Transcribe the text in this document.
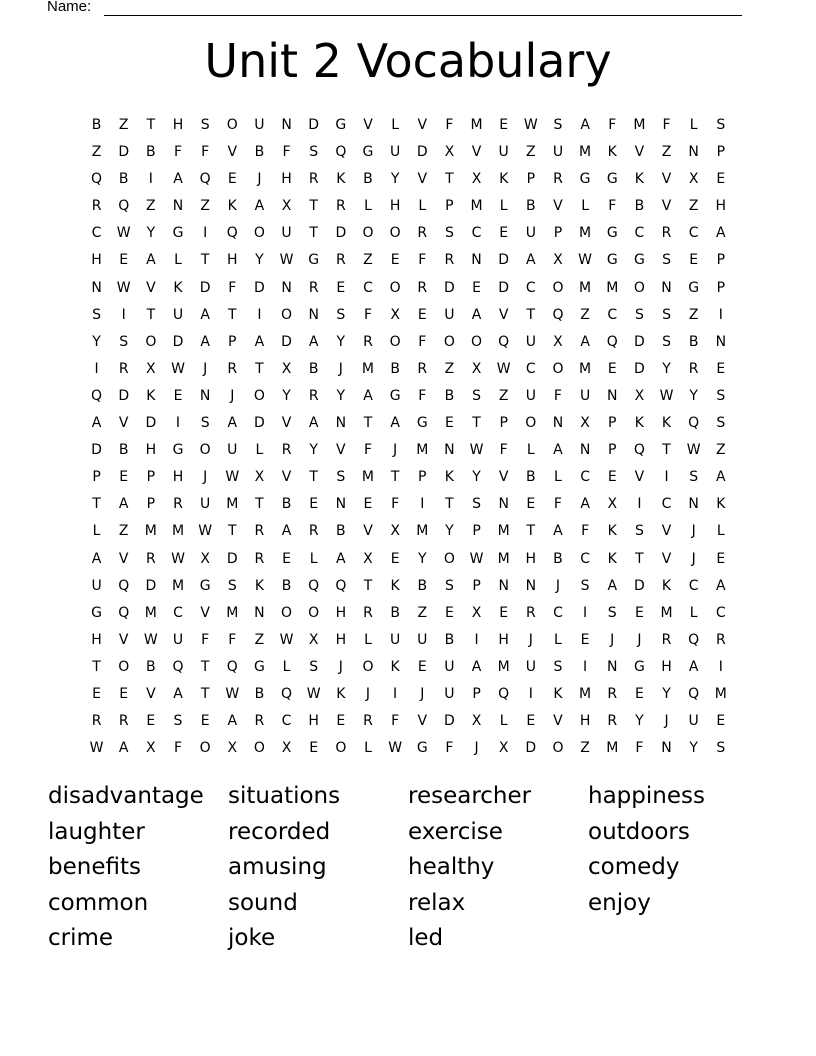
Name:
Unit 2 Vocabulary
B	Z	T	H	S	O	U	N	D	G	V	L	V	F	M	E	W	S	A	F	M	F	L	S
Z	D	B	F	F	V	B	F	S	Q	G	U	D	X	V	U	Z	U	M	K	V	Z	N	P
Q	B	I	A	Q	E	J	H	R	K	B	Y	V	T	X	K	P	R	G	G	K	V	X	E
R	Q	Z	N	Z	K	A	X	T	R	L	H	L	P	M	L	B	V	L	F	B	V	Z	H
C	W	Y	G	I	Q	O	U	T	D	O	O	R	S	C	E	U	P	M	G	C	R	C	A
H	E	A	L	T	H	Y	W	G	R	Z	E	F	R	N	D	A	X	W	G	G	S	E	P
N	W	V	K	D	F	D	N	R	E	C	O	R	D	E	D	C	O	M	M	O	N	G	P
S	I	T	U	A	T	I	O	N	S	F	X	E	U	A	V	T	Q	Z	C	S	S	Z	I
Y	S	O	D	A	P	A	D	A	Y	R	O	F	O	O	Q	U	X	A	Q	D	S	B	N
I	R	X	W	J	R	T	X	B	J	M	B	R	Z	X	W	C	O	M	E	D	Y	R	E
Q	D	K	E	N	J	O	Y	R	Y	A	G	F	B	S	Z	U	F	U	N	X	W	Y	S
A	V	D	I	S	A	D	V	A	N	T	A	G	E	T	P	O	N	X	P	K	K	Q	S
D	B	H	G	O	U	L	R	Y	V	F	J	M	N	W	F	L	A	N	P	Q	T	W	Z
P	E	P	H	J	W	X	V	T	S	M	T	P	K	Y	V	B	L	C	E	V	I	S	A
T	A	P	R	U	M	T	B	E	N	E	F	I	T	S	N	E	F	A	X	I	C	N	K
L	Z	M	M	W	T	R	A	R	B	V	X	M	Y	P	M	T	A	F	K	S	V	J	L
A	V	R	W	X	D	R	E	L	A	X	E	Y	O	W	M	H	B	C	K	T	V	J	E
U	Q	D	M	G	S	K	B	Q	Q	T	K	B	S	P	N	N	J	S	A	D	K	C	A
G	Q	M	C	V	M	N	O	O	H	R	B	Z	E	X	E	R	C	I	S	E	M	L	C
H	V	W	U	F	F	Z	W	X	H	L	U	U	B	I	H	J	L	E	J	J	R	Q	R
T	O	B	Q	T	Q	G	L	S	J	O	K	E	U	A	M	U	S	I	N	G	H	A	I
E	E	V	A	T	W	B	Q	W	K	J	I	J	U	P	Q	I	K	M	R	E	Y	Q	M
R	R	E	S	E	A	R	C	H	E	R	F	V	D	X	L	E	V	H	R	Y	J	U	E
W	A	X	F	O	X	O	X	E	O	L	W	G	F	J	X	D	O	Z	M	F	N	Y	S
disadvantage
laughter
benefits
common
crime
situations
recorded
amusing
sound
joke
researcher
exercise
healthy
relax
led
happiness
outdoors
comedy
enjoy
